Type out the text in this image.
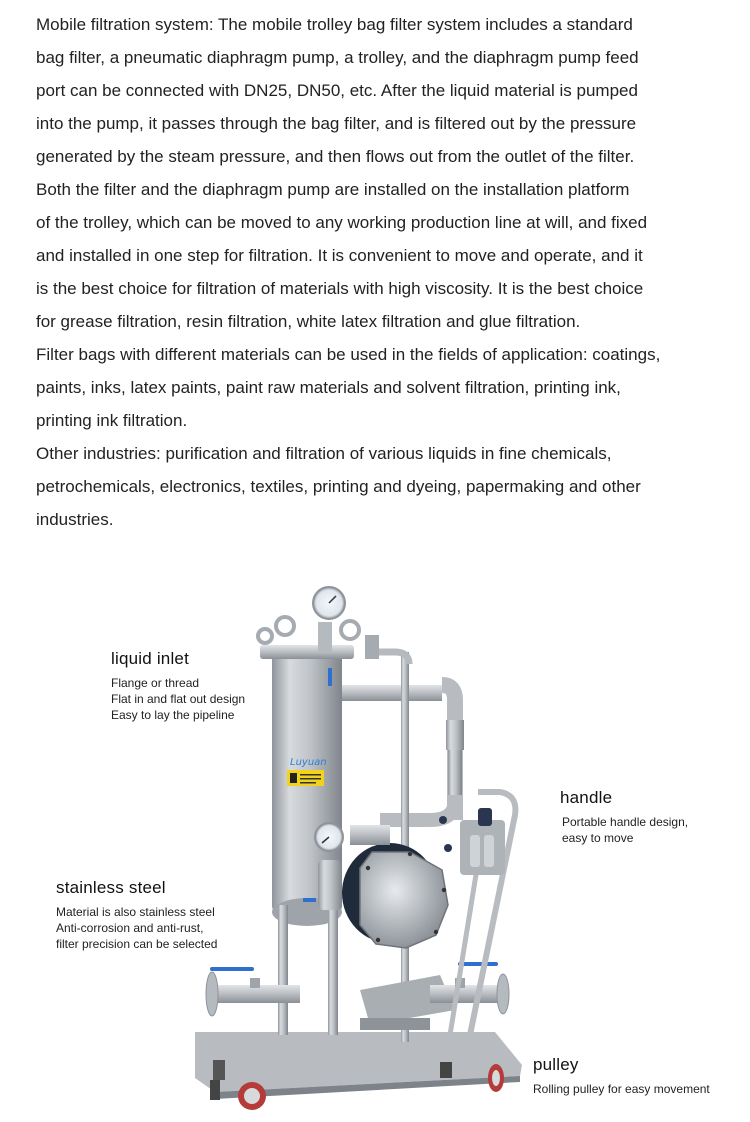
Mobile filtration system: The mobile trolley bag filter system includes a standard

bag filter, a pneumatic diaphragm pump, a trolley, and the diaphragm pump feed

port can be connected with DN25, DN50, etc. After the liquid material is pumped

into the pump, it passes through the bag filter, and is filtered out by the pressure

generated by the steam pressure, and then flows out from the outlet of the filter.

Both the filter and the diaphragm pump are installed on the installation platform

of the trolley, which can be moved to any working production line at will, and fixed

and installed in one step for filtration. It is convenient to move and operate, and it

is the best choice for filtration of materials with high viscosity. It is the best choice

for grease filtration, resin filtration, white latex filtration and glue filtration.

Filter bags with different materials can be used in the fields of application: coatings,

paints, inks, latex paints, paint raw materials and solvent filtration, printing ink,

printing ink filtration.

Other industries: purification and filtration of various liquids in fine chemicals,

petrochemicals, electronics, textiles, printing and dyeing, papermaking and other

industries.

Luyuan
liquid inlet
Flange or thread
Flat in and flat out design
Easy to lay the pipeline
handle
Portable handle design,
easy to move
stainless steel
Material is also stainless steel
Anti-corrosion and anti-rust,
filter precision can be selected
pulley
Rolling pulley for easy movement
